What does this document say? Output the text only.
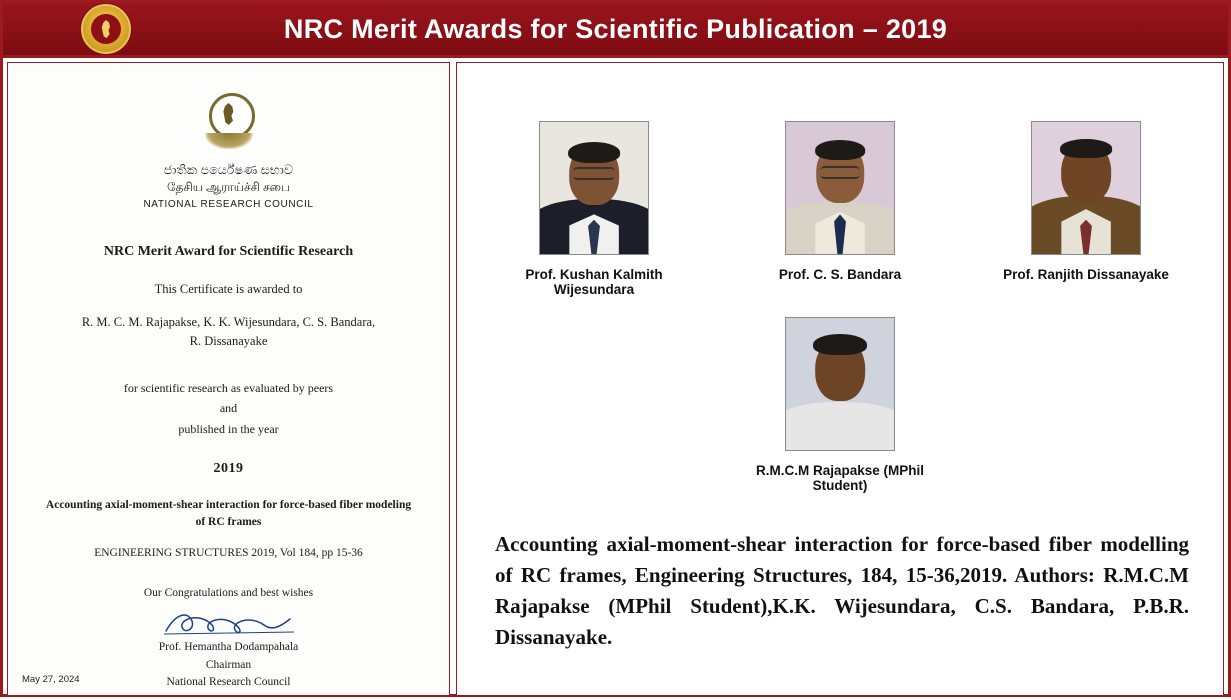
NRC Merit Awards for Scientific Publication – 2019
ජාතික පර්යේෂණ සභාව
தேசிய ஆராய்ச்சி சபை
NATIONAL RESEARCH COUNCIL
NRC Merit Award for Scientific Research
This Certificate is awarded to
R. M. C. M. Rajapakse, K. K. Wijesundara, C. S. Bandara,
R. Dissanayake
for scientific research as evaluated by peers
and
published in the year
2019
Accounting axial-moment-shear interaction for force-based fiber modeling
of RC frames
ENGINEERING STRUCTURES 2019, Vol 184, pp 15-36
Our Congratulations and best wishes
Prof. Hemantha Dodampahala
Chairman
National Research Council
May 27, 2024
Prof. Kushan Kalmith Wijesundara
Prof. C. S. Bandara	Prof. Ranjith Dissanayake
R.M.C.M Rajapakse (MPhil Student)
Accounting axial-moment-shear interaction for force-based fiber modelling of RC frames, Engineering Structures, 184, 15-36,2019. Authors: R.M.C.M Rajapakse (MPhil Student),K.K. Wijesundara, C.S. Bandara, P.B.R. Dissanayake.
